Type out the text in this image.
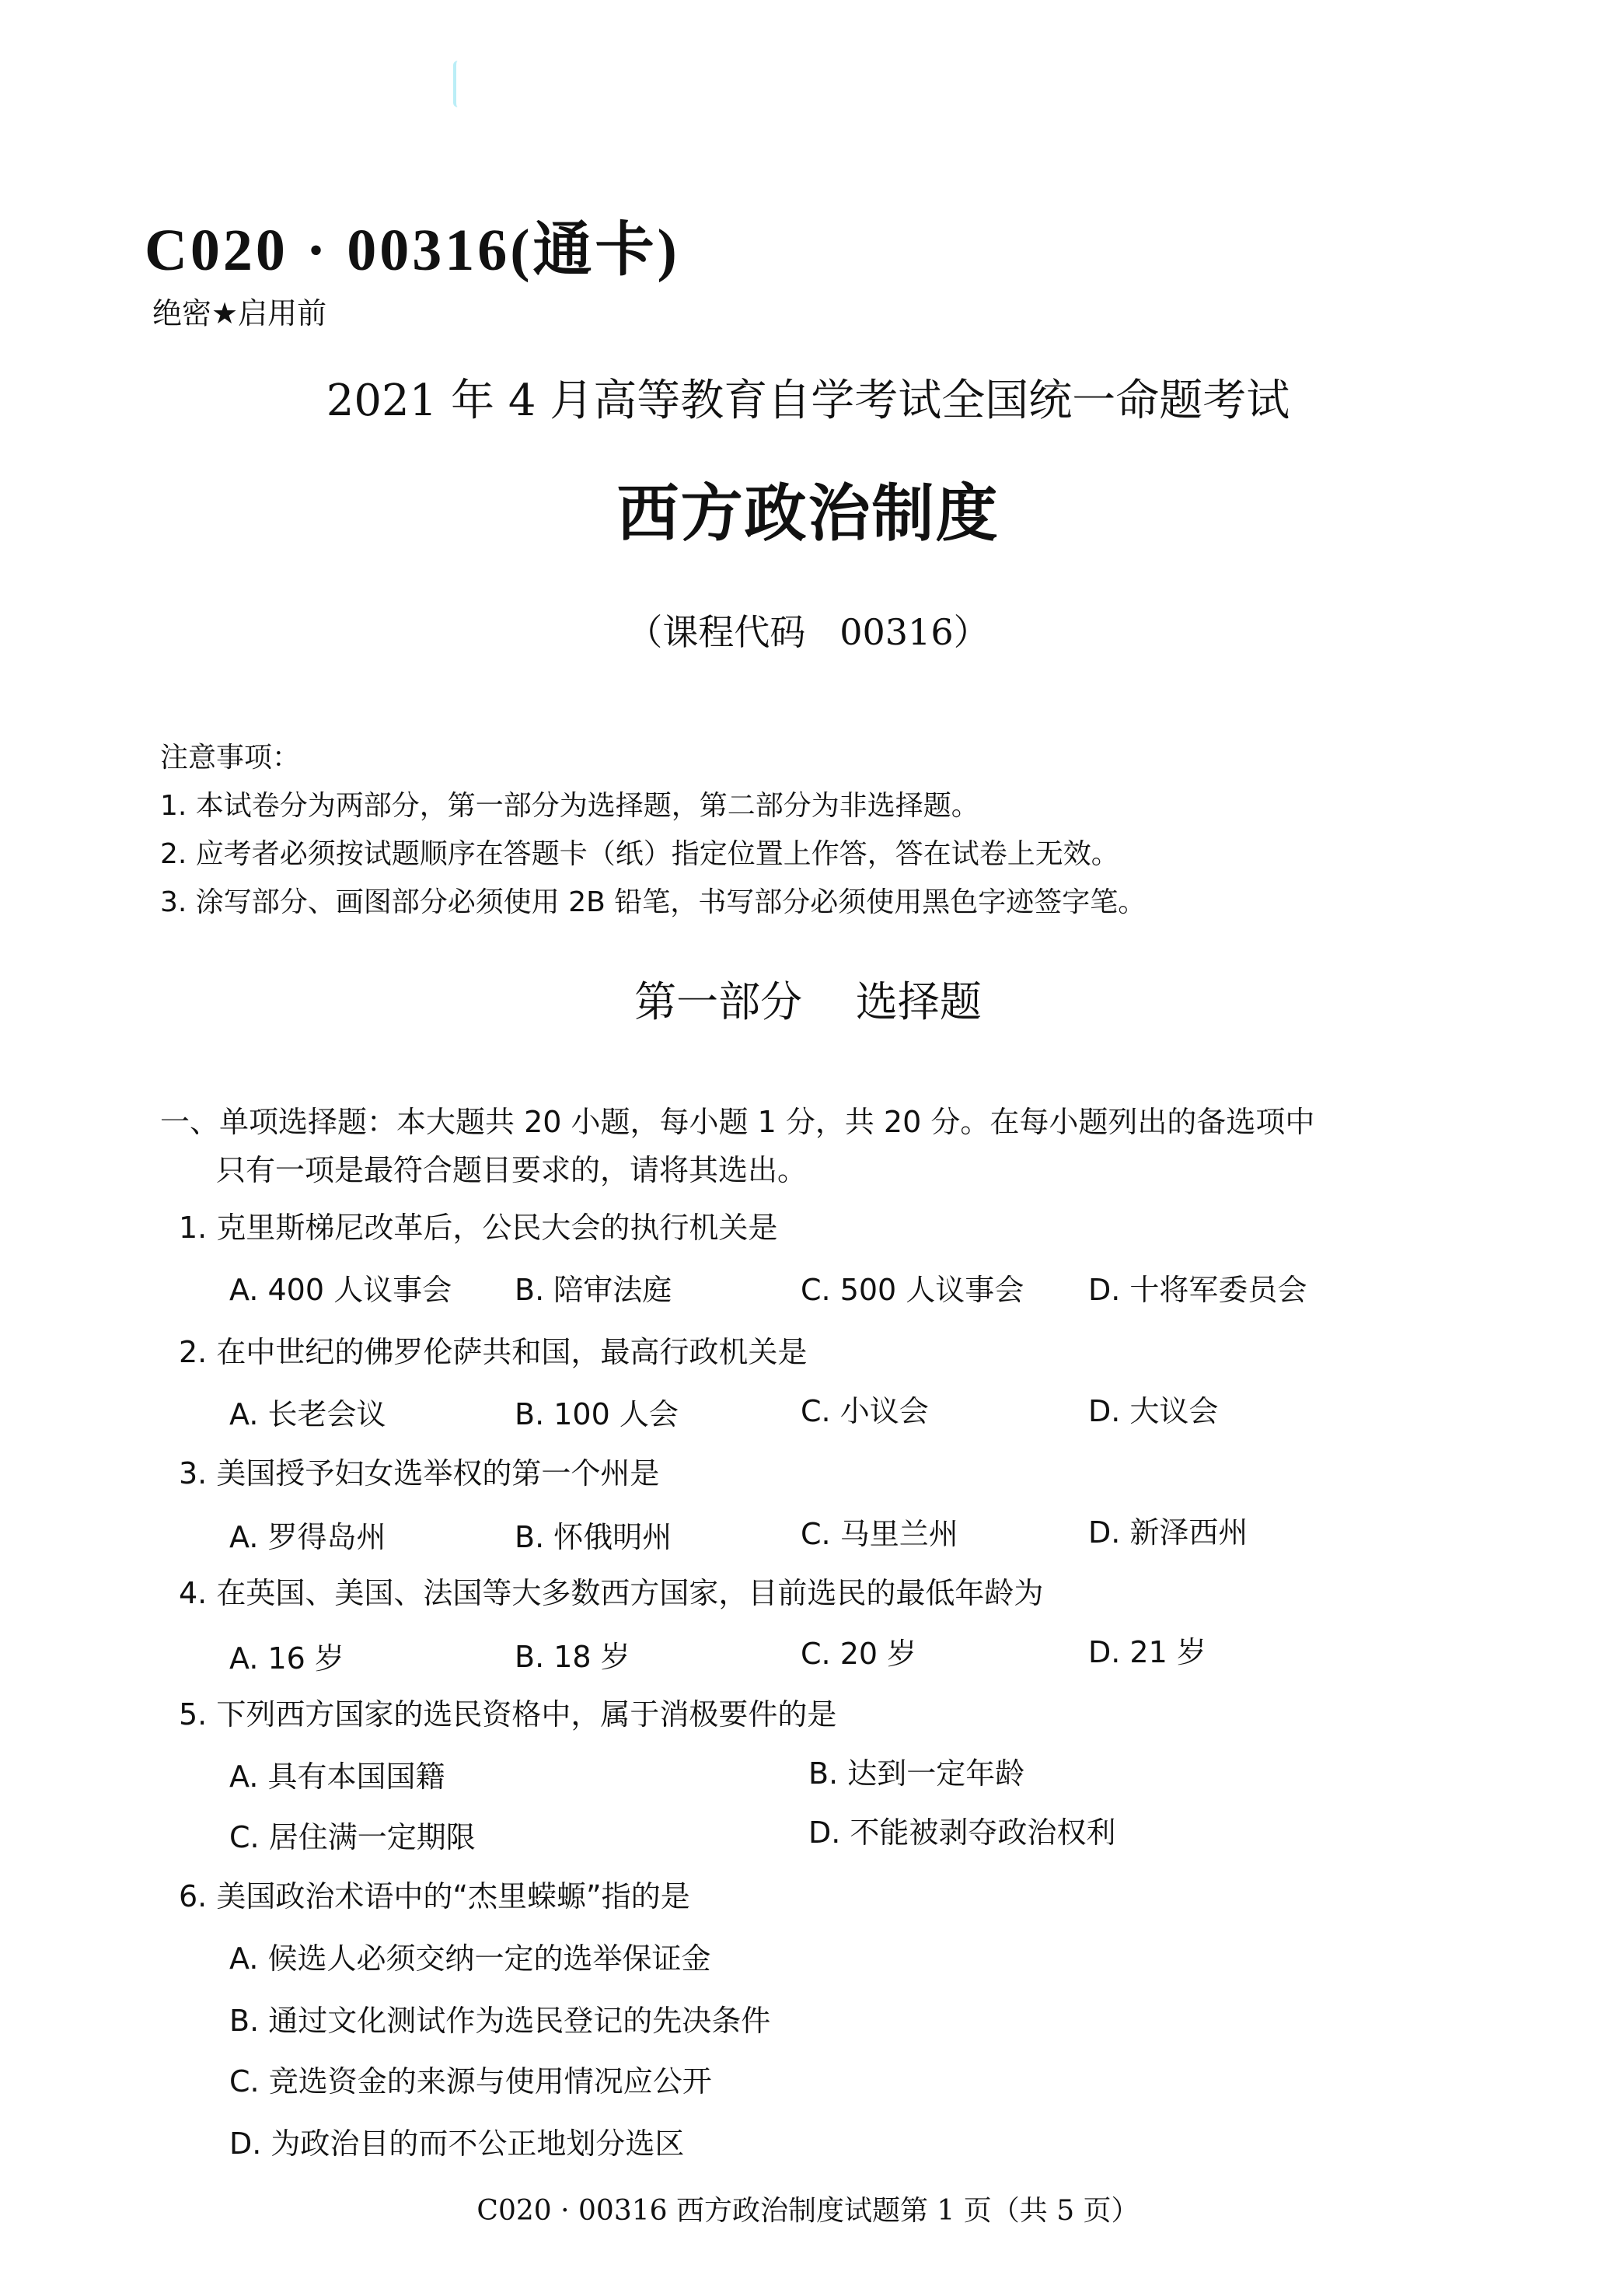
C020 · 00316(通卡)
绝密★启用前
2021 年 4 月高等教育自学考试全国统一命题考试
西方政治制度
（课程代码   00316）
注意事项：
1. 本试卷分为两部分，第一部分为选择题，第二部分为非选择题。
2. 应考者必须按试题顺序在答题卡（纸）指定位置上作答，答在试卷上无效。
3. 涂写部分、画图部分必须使用 2B 铅笔，书写部分必须使用黑色字迹签字笔。
第一部分    选择题
一、单项选择题：本大题共 20 小题，每小题 1 分，共 20 分。在每小题列出的备选项中
只有一项是最符合题目要求的，请将其选出。
1. 克里斯梯尼改革后，公民大会的执行机关是
A. 400 人议事会 B. 陪审法庭	C. 500 人议事会 D. 十将军委员会
2. 在中世纪的佛罗伦萨共和国，最高行政机关是
A. 长老会议	B. 100 人会	C. 小议会	D. 大议会
3. 美国授予妇女选举权的第一个州是
A. 罗得岛州	B. 怀俄明州	C. 马里兰州	D. 新泽西州
4. 在英国、美国、法国等大多数西方国家，目前选民的最低年龄为
A. 16 岁	B. 18 岁	C. 20 岁	D. 21 岁
5. 下列西方国家的选民资格中，属于消极要件的是
A. 具有本国国籍	B. 达到一定年龄
C. 居住满一定期限	D. 不能被剥夺政治权利
6. 美国政治术语中的“杰里蝾螈”指的是
A. 候选人必须交纳一定的选举保证金
B. 通过文化测试作为选民登记的先决条件
C. 竞选资金的来源与使用情况应公开
D. 为政治目的而不公正地划分选区
C020 · 00316 西方政治制度试题第 1 页（共 5 页）
